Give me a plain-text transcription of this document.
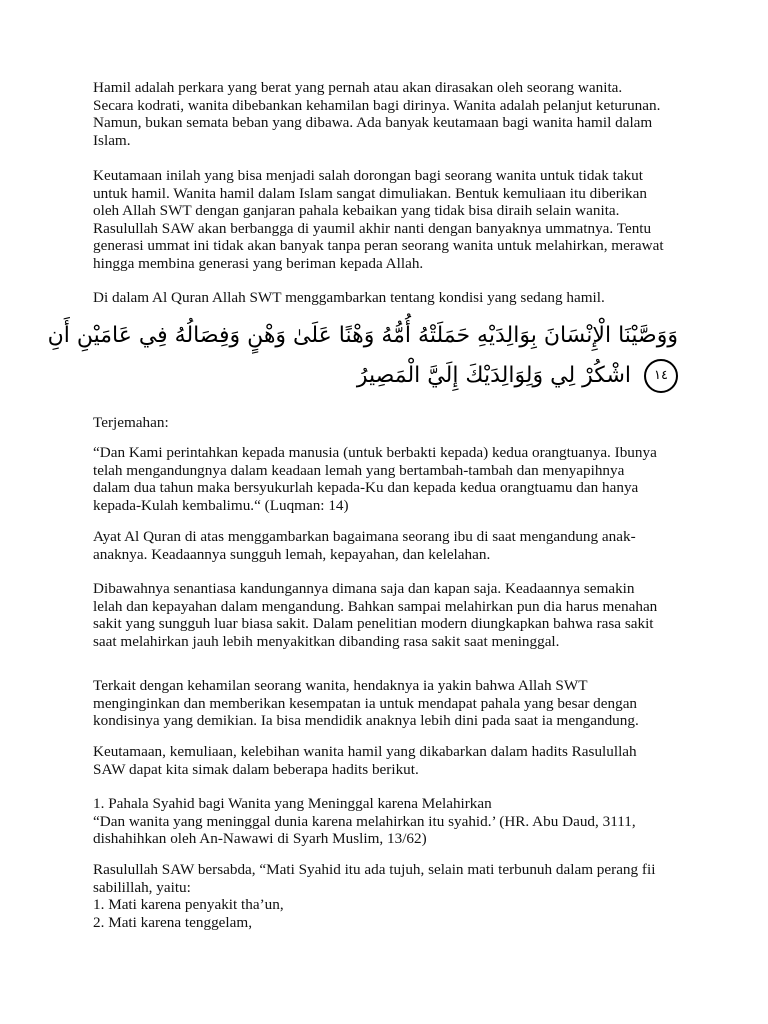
Hamil adalah perkara yang berat yang pernah atau akan dirasakan oleh seorang wanita.
Secara kodrati, wanita dibebankan kehamilan bagi dirinya. Wanita adalah pelanjut keturunan.
Namun, bukan semata beban yang dibawa. Ada banyak keutamaan bagi wanita hamil dalam
Islam.

Keutamaan inilah yang bisa menjadi salah dorongan bagi seorang wanita untuk tidak takut
untuk hamil. Wanita hamil dalam Islam sangat dimuliakan. Bentuk kemuliaan itu diberikan
oleh Allah SWT dengan ganjaran pahala kebaikan yang tidak bisa diraih selain wanita.
Rasulullah SAW akan berbangga di yaumil akhir nanti dengan banyaknya ummatnya. Tentu
generasi ummat ini tidak akan banyak tanpa peran seorang wanita untuk melahirkan, merawat
hingga membina generasi yang beriman kepada Allah.

Di dalam Al Quran Allah SWT menggambarkan tentang kondisi yang sedang hamil.

وَوَصَّيْنَا الْإِنْسَانَ بِوَالِدَيْهِ حَمَلَتْهُ أُمُّهُ وَهْنًا عَلَىٰ وَهْنٍ وَفِصَالُهُ فِي عَامَيْنِ أَنِ
١٤ اشْكُرْ لِي وَلِوَالِدَيْكَ إِلَيَّ الْمَصِيرُ

Terjemahan:

“Dan Kami perintahkan kepada manusia (untuk berbakti kepada) kedua orangtuanya. Ibunya
telah mengandungnya dalam keadaan lemah yang bertambah-tambah dan menyapihnya
dalam dua tahun maka bersyukurlah kepada-Ku dan kepada kedua orangtuamu dan hanya
kepada-Kulah kembalimu.“ (Luqman: 14)

Ayat Al Quran di atas menggambarkan bagaimana seorang ibu di saat mengandung anak-
anaknya. Keadaannya sungguh lemah, kepayahan, dan kelelahan.

Dibawahnya senantiasa kandungannya dimana saja dan kapan saja. Keadaannya semakin
lelah dan kepayahan dalam mengandung. Bahkan sampai melahirkan pun dia harus menahan
sakit yang sungguh luar biasa sakit. Dalam penelitian modern diungkapkan bahwa rasa sakit
saat melahirkan jauh lebih menyakitkan dibanding rasa sakit saat meninggal.

Terkait dengan kehamilan seorang wanita, hendaknya ia yakin bahwa Allah SWT
menginginkan dan memberikan kesempatan ia untuk mendapat pahala yang besar dengan
kondisinya yang demikian. Ia bisa mendidik anaknya lebih dini pada saat ia mengandung.

Keutamaan, kemuliaan, kelebihan wanita hamil yang dikabarkan dalam hadits Rasulullah
SAW dapat kita simak dalam beberapa hadits berikut.

1. Pahala Syahid bagi Wanita yang Meninggal karena Melahirkan
“Dan wanita yang meninggal dunia karena melahirkan itu syahid.’ (HR. Abu Daud, 3111,
dishahihkan oleh An-Nawawi di Syarh Muslim, 13/62)

Rasulullah SAW bersabda, “Mati Syahid itu ada tujuh, selain mati terbunuh dalam perang fii
sabilillah, yaitu:
1. Mati karena penyakit tha’un,
2. Mati karena tenggelam,
